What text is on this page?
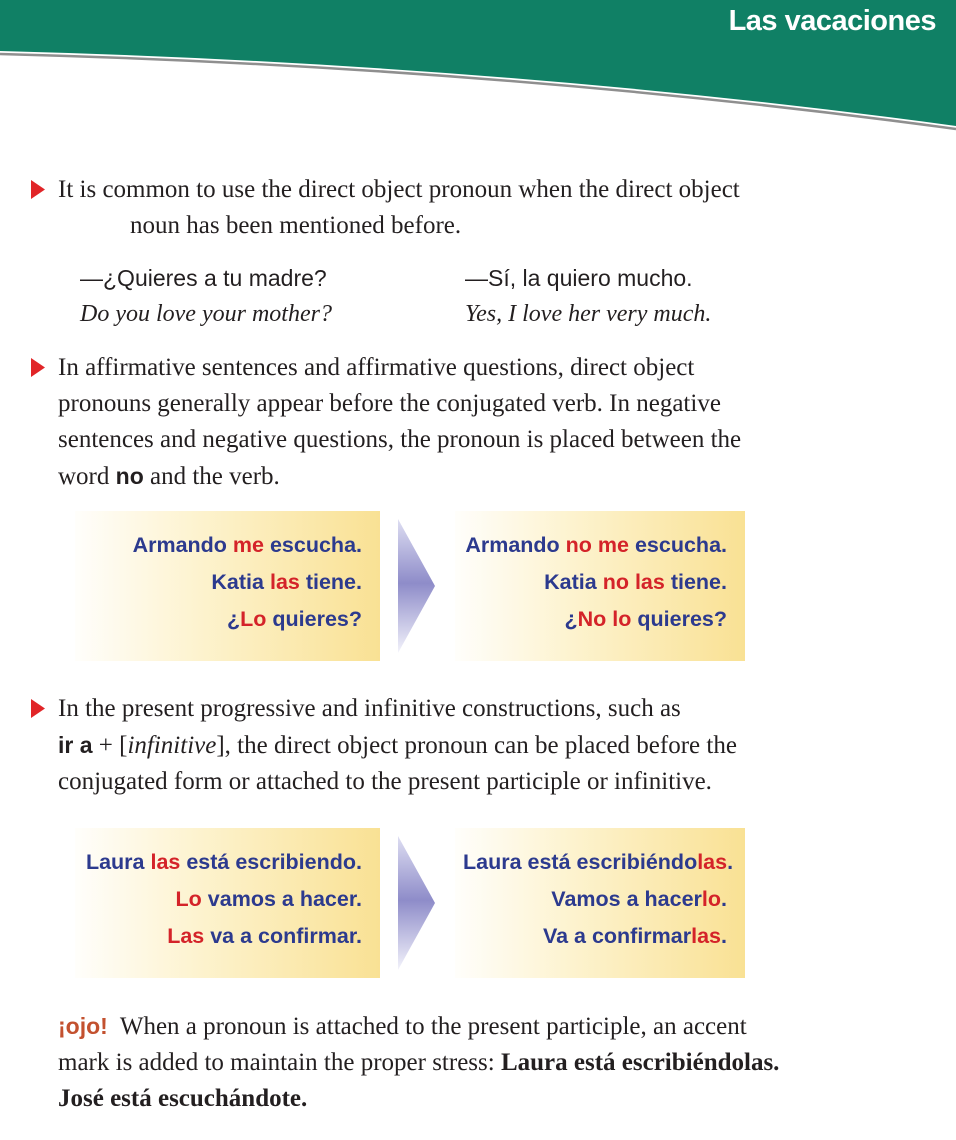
Las vacaciones
It is common to use the direct object pronoun when the direct object
noun has been mentioned before.
—¿Quieres a tu madre?
Do you love your mother?
—Sí, la quiero mucho.
Yes, I love her very much.
In affirmative sentences and affirmative questions, direct object
pronouns generally appear before the conjugated verb. In negative
sentences and negative questions, the pronoun is placed between the
word no and the verb.
Armando me escucha.
Katia las tiene.
¿Lo quieres?
Armando no me escucha.
Katia no las tiene.
¿No lo quieres?
In the present progressive and infinitive constructions, such as
ir a + [infinitive], the direct object pronoun can be placed before the
conjugated form or attached to the present participle or infinitive.
Laura las está escribiendo.
Lo vamos a hacer.
Las va a confirmar.
Laura está escribiéndolas.
Vamos a hacerlo.
Va a confirmarlas.
¡ojo!  When a pronoun is attached to the present participle, an accent
mark is added to maintain the proper stress: Laura está escribiéndolas.
José está escuchándote.
